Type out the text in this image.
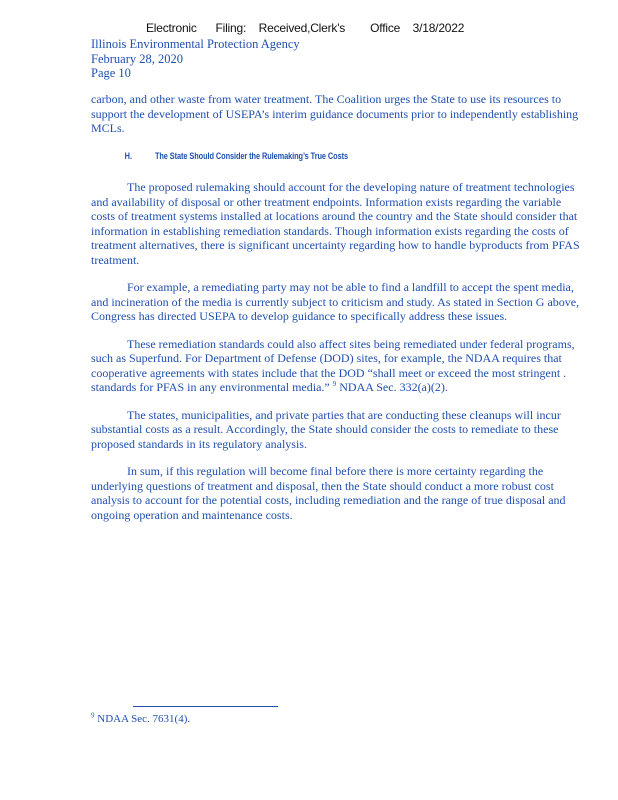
Electronic      Filing:    Received,Clerk's        Office    3/18/2022
Illinois Environmental Protection Agency
February 28, 2020
Page 10

carbon, and other waste from water treatment. The Coalition urges the State to use its resources to support the development of USEPA’s interim guidance documents prior to independently establishing MCLs.

H.	The State Should Consider the Rulemaking’s True Costs

The proposed rulemaking should account for the developing nature of treatment technologies and availability of disposal or other treatment endpoints. Information exists regarding the variable costs of treatment systems installed at locations around the country and the State should consider that information in establishing remediation standards. Though information exists regarding the costs of treatment alternatives, there is significant uncertainty regarding how to handle byproducts from PFAS treatment.

For example, a remediating party may not be able to find a landfill to accept the spent media, and incineration of the media is currently subject to criticism and study. As stated in Section G above, Congress has directed USEPA to develop guidance to specifically address these issues.

These remediation standards could also affect sites being remediated under federal programs, such as Superfund. For Department of Defense (DOD) sites, for example, the NDAA requires that cooperative agreements with states include that the DOD “shall meet or exceed the most stringent . standards for PFAS in any environmental media.” $^9$ NDAA Sec. 332(a)(2).

The states, municipalities, and private parties that are conducting these cleanups will incur substantial costs as a result. Accordingly, the State should consider the costs to remediate to these proposed standards in its regulatory analysis.

In sum, if this regulation will become final before there is more certainty regarding the underlying questions of treatment and disposal, then the State should conduct a more robust cost analysis to account for the potential costs, including remediation and the range of true disposal and ongoing operation and maintenance costs.

$^9$ NDAA Sec. 7631(4).
